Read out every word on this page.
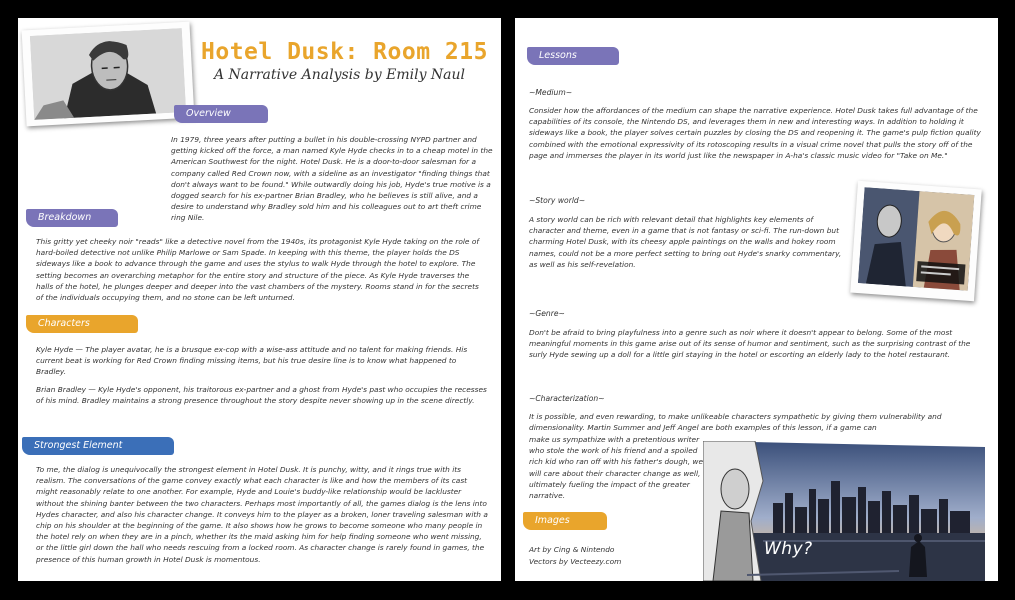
Hotel Dusk: Room 215
A Narrative Analysis by Emily Naul
Overview

In 1979, three years after putting a bullet in his double-crossing NYPD partner and getting kicked off the force, a man named Kyle Hyde checks in to a cheap motel in the American Southwest for the night. Hotel Dusk. He is a door-to-door salesman for a company called Red Crown now, with a sideline as an investigator "finding things that don't always want to be found." While outwardly doing his job, Hyde's true motive is a dogged search for his ex-partner Brian Bradley, who he believes is still alive, and a desire to understand why Bradley sold him and his colleagues out to art theft crime ring Nile.

Breakdown

This gritty yet cheeky noir "reads" like a detective novel from the 1940s, its protagonist Kyle Hyde taking on the role of hard-boiled detective not unlike Philip Marlowe or Sam Spade. In keeping with this theme, the player holds the DS sideways like a book to advance through the game and uses the stylus to walk Hyde through the hotel to explore. The setting becomes an overarching metaphor for the entire story and structure of the piece. As Kyle Hyde traverses the halls of the hotel, he plunges deeper and deeper into the vast chambers of the mystery. Rooms stand in for the secrets of the individuals occupying them, and no stone can be left unturned.

Characters

Kyle Hyde — The player avatar, he is a brusque ex-cop with a wise-ass attitude and no talent for making friends. His current beat is working for Red Crown finding missing items, but his true desire line is to know what happened to Bradley.

Brian Bradley — Kyle Hyde's opponent, his traitorous ex-partner and a ghost from Hyde's past who occupies the recesses of his mind. Bradley maintains a strong presence throughout the story despite never showing up in the scene directly.

Strongest Element

To me, the dialog is unequivocally the strongest element in Hotel Dusk. It is punchy, witty, and it rings true with its realism. The conversations of the game convey exactly what each character is like and how the members of its cast might reasonably relate to one another. For example, Hyde and Louie's buddy-like relationship would be lackluster without the shining banter between the two characters. Perhaps most importantly of all, the games dialog is the lens into Hydes character, and also his character change. It conveys him to the player as a broken, loner traveling salesman with a chip on his shoulder at the beginning of the game. It also shows how he grows to become someone who many people in the hotel rely on when they are in a pinch, whether its the maid asking him for help finding someone who went missing, or the little girl down the hall who needs rescuing from a locked room. As character change is rarely found in games, the presence of this human growth in Hotel Dusk is momentous.

Lessons
~Medium~

Consider how the affordances of the medium can shape the narrative experience. Hotel Dusk takes full advantage of the capabilities of its console, the Nintendo DS, and leverages them in new and interesting ways. In addition to holding it sideways like a book, the player solves certain puzzles by closing the DS and reopening it. The game's pulp fiction quality combined with the emotional expressivity of its rotoscoping results in a visual crime novel that pulls the story off of the page and immerses the player in its world just like the newspaper in A-ha's classic music video for "Take on Me."

~Story world~

A story world can be rich with relevant detail that highlights key elements of character and theme, even in a game that is not fantasy or sci-fi. The run-down but charming Hotel Dusk, with its cheesy apple paintings on the walls and hokey room names, could not be a more perfect setting to bring out Hyde's snarky commentary, as well as his self-revelation.

~Genre~

Don't be afraid to bring playfulness into a genre such as noir where it doesn't appear to belong. Some of the most meaningful moments in this game arise out of its sense of humor and sentiment, such as the surprising contrast of the surly Hyde sewing up a doll for a little girl staying in the hotel or escorting an elderly lady to the hotel restaurant.

~Characterization~

It is possible, and even rewarding, to make unlikeable characters sympathetic by giving them vulnerability and dimensionality. Martin Summer and Jeff Angel are both examples of this lesson, if a game can

make us sympathize with a pretentious writer who stole the work of his friend and a spoiled rich kid who ran off with his father's dough, we will care about their character change as well, ultimately fueling the impact of the greater narrative.

Why?
Images
Art by Cing & Nintendo
Vectors by Vecteezy.com
